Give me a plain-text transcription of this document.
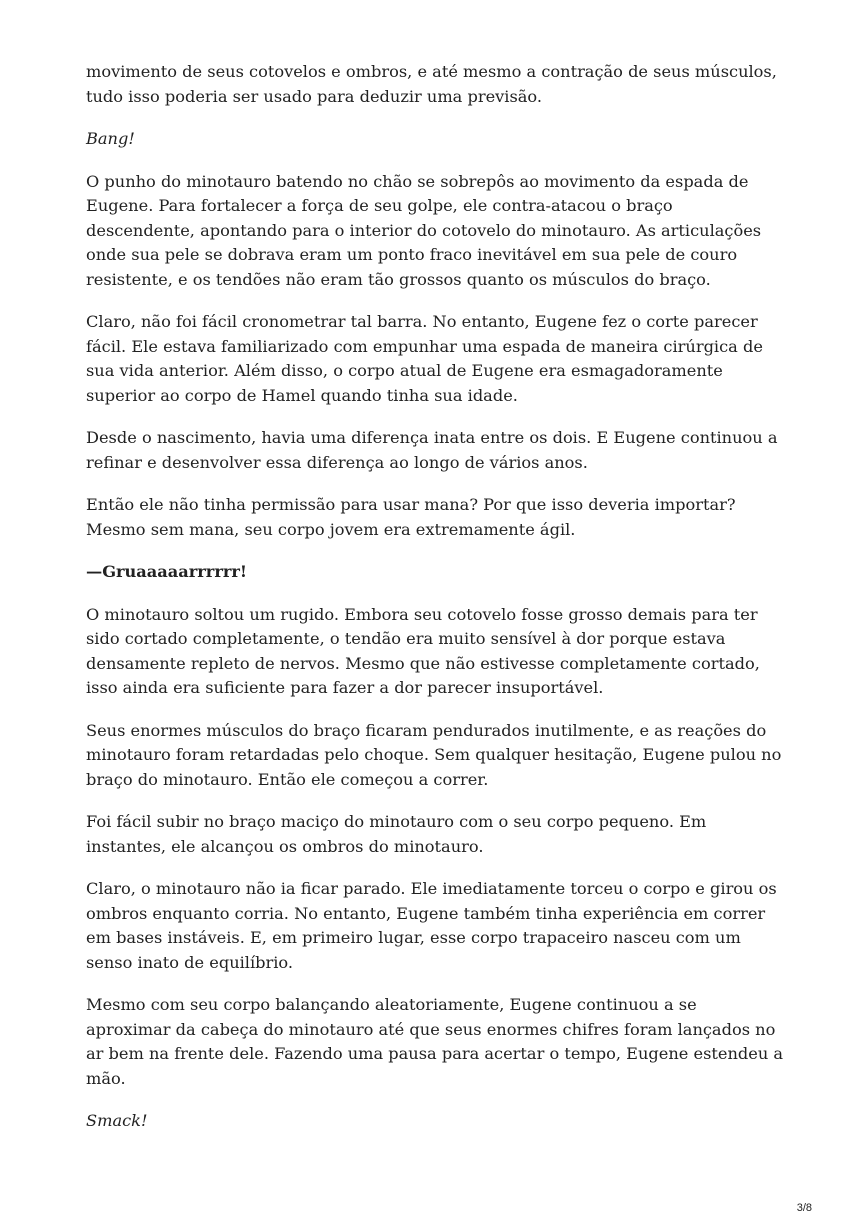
movimento de seus cotovelos e ombros, e até mesmo a contração de seus músculos, tudo isso poderia ser usado para deduzir uma previsão.

Bang!

O punho do minotauro batendo no chão se sobrepôs ao movimento da espada de Eugene. Para fortalecer a força de seu golpe, ele contra-atacou o braço descendente, apontando para o interior do cotovelo do minotauro. As articulações onde sua pele se dobrava eram um ponto fraco inevitável em sua pele de couro resistente, e os tendões não eram tão grossos quanto os músculos do braço.

Claro, não foi fácil cronometrar tal barra. No entanto, Eugene fez o corte parecer fácil. Ele estava familiarizado com empunhar uma espada de maneira cirúrgica de sua vida anterior. Além disso, o corpo atual de Eugene era esmagadoramente superior ao corpo de Hamel quando tinha sua idade.

Desde o nascimento, havia uma diferença inata entre os dois. E Eugene continuou a refinar e desenvolver essa diferença ao longo de vários anos.

Então ele não tinha permissão para usar mana? Por que isso deveria importar? Mesmo sem mana, seu corpo jovem era extremamente ágil.

—Gruaaaaarrrrrr!

O minotauro soltou um rugido. Embora seu cotovelo fosse grosso demais para ter sido cortado completamente, o tendão era muito sensível à dor porque estava densamente repleto de nervos. Mesmo que não estivesse completamente cortado, isso ainda era suficiente para fazer a dor parecer insuportável.

Seus enormes músculos do braço ficaram pendurados inutilmente, e as reações do minotauro foram retardadas pelo choque. Sem qualquer hesitação, Eugene pulou no braço do minotauro. Então ele começou a correr.

Foi fácil subir no braço maciço do minotauro com o seu corpo pequeno. Em instantes, ele alcançou os ombros do minotauro.

Claro, o minotauro não ia ficar parado. Ele imediatamente torceu o corpo e girou os ombros enquanto corria. No entanto, Eugene também tinha experiência em correr em bases instáveis. E, em primeiro lugar, esse corpo trapaceiro nasceu com um senso inato de equilíbrio.

Mesmo com seu corpo balançando aleatoriamente, Eugene continuou a se aproximar da cabeça do minotauro até que seus enormes chifres foram lançados no ar bem na frente dele. Fazendo uma pausa para acertar o tempo, Eugene estendeu a mão.

Smack!

3/8
